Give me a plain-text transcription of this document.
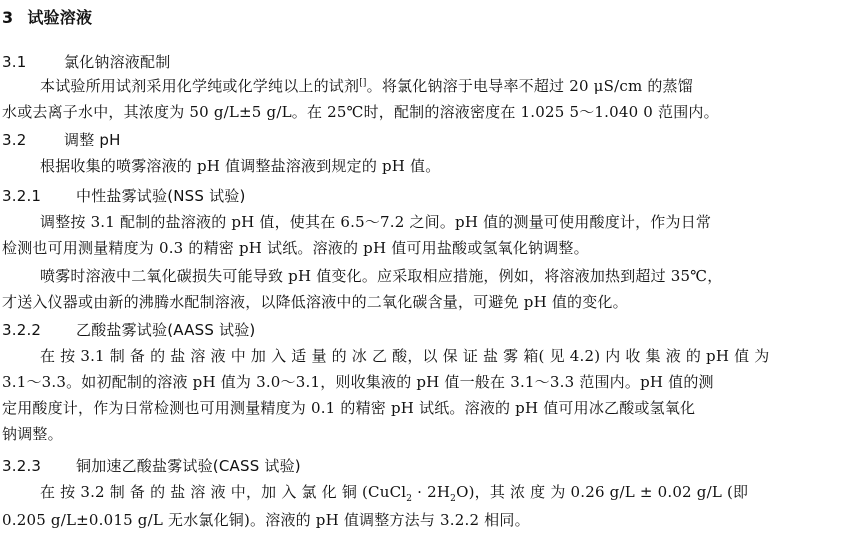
3 试验溶液
3.1	氯化钠溶液配制
本试验所用试剂采用化学纯或化学纯以上的试剂[]。将氯化钠溶于电导率不超过 20 μS/cm 的蒸馏
水或去离子水中，其浓度为 50 g/L±5 g/L。在 25℃时，配制的溶液密度在 1.025 5～1.040 0 范围内。
3.2	调整 pH
根据收集的喷雾溶液的 pH 值调整盐溶液到规定的 pH 值。
3.2.1 中性盐雾试验(NSS 试验)
调整按 3.1 配制的盐溶液的 pH 值，使其在 6.5～7.2 之间。pH 值的测量可使用酸度计，作为日常
检测也可用测量精度为 0.3 的精密 pH 试纸。溶液的 pH 值可用盐酸或氢氧化钠调整。
喷雾时溶液中二氧化碳损失可能导致 pH 值变化。应采取相应措施，例如，将溶液加热到超过 35℃，
才送入仪器或由新的沸腾水配制溶液，以降低溶液中的二氧化碳含量，可避免 pH 值的变化。
3.2.2 乙酸盐雾试验(AASS 试验)
在 按 3.1 制 备 的 盐 溶 液 中 加 入 适 量 的 冰 乙 酸，以 保 证 盐 雾 箱( 见 4.2) 内 收 集 液 的 pH 值 为
3.1～3.3。如初配制的溶液 pH 值为 3.0～3.1，则收集液的 pH 值一般在 3.1～3.3 范围内。pH 值的测
定用酸度计，作为日常检测也可用测量精度为 0.1 的精密 pH 试纸。溶液的 pH 值可用冰乙酸或氢氧化
钠调整。
3.2.3 铜加速乙酸盐雾试验(CASS 试验)
在 按 3.2 制 备 的 盐 溶 液 中，加 入 氯 化 铜 (CuCl$_2$ · $2H_2O$)，其 浓 度 为 0.26 g/L ± 0.02 g/L (即
0.205 g/L±0.015 g/L 无水氯化铜)。溶液的 pH 值调整方法与 3.2.2 相同。
